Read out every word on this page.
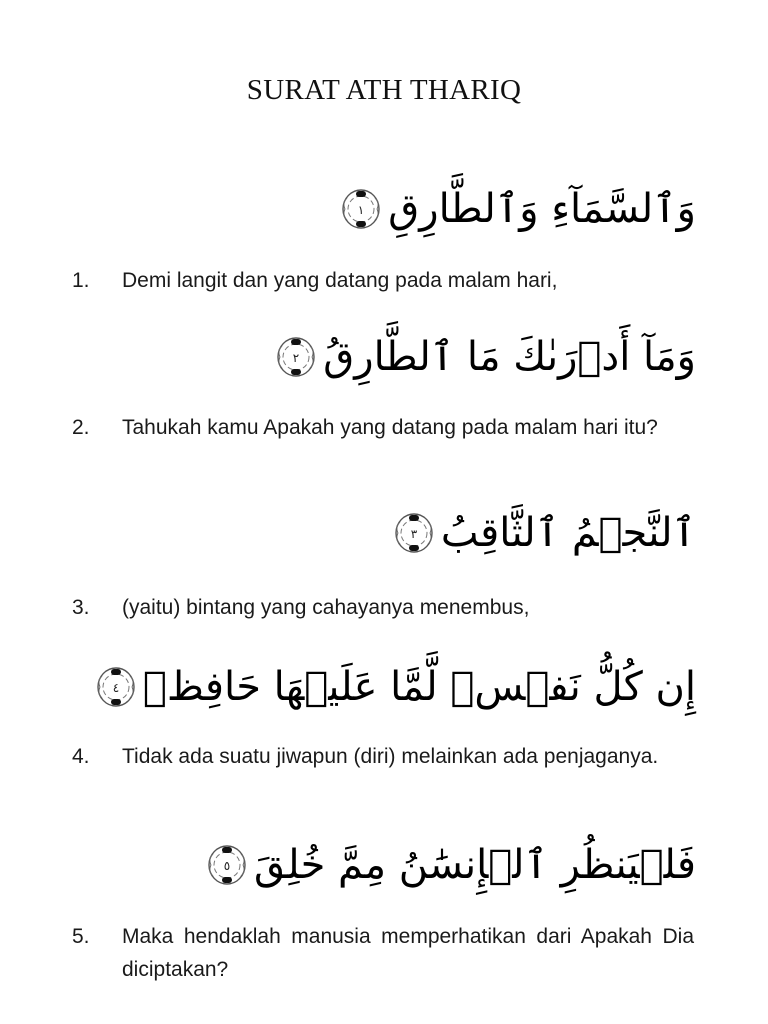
SURAT ATH THARIQ
وَٱلسَّمَآءِ وَٱلطَّارِقِ
١
1. Demi langit dan yang datang pada malam hari,
وَمَآ أَدۡرَىٰكَ مَا ٱلطَّارِقُ
٢
2. Tahukah kamu Apakah yang datang pada malam hari itu?
ٱلنَّجۡمُ ٱلثَّاقِبُ
٣
3. (yaitu) bintang yang cahayanya menembus,
إِن كُلُّ نَفۡسٖ لَّمَّا عَلَيۡهَا حَافِظٞ
٤
4. Tidak ada suatu jiwapun (diri) melainkan ada penjaganya.
فَلۡيَنظُرِ ٱلۡإِنسَٰنُ مِمَّ خُلِقَ
٥
5. Maka hendaklah manusia memperhatikan dari Apakah Dia diciptakan?
